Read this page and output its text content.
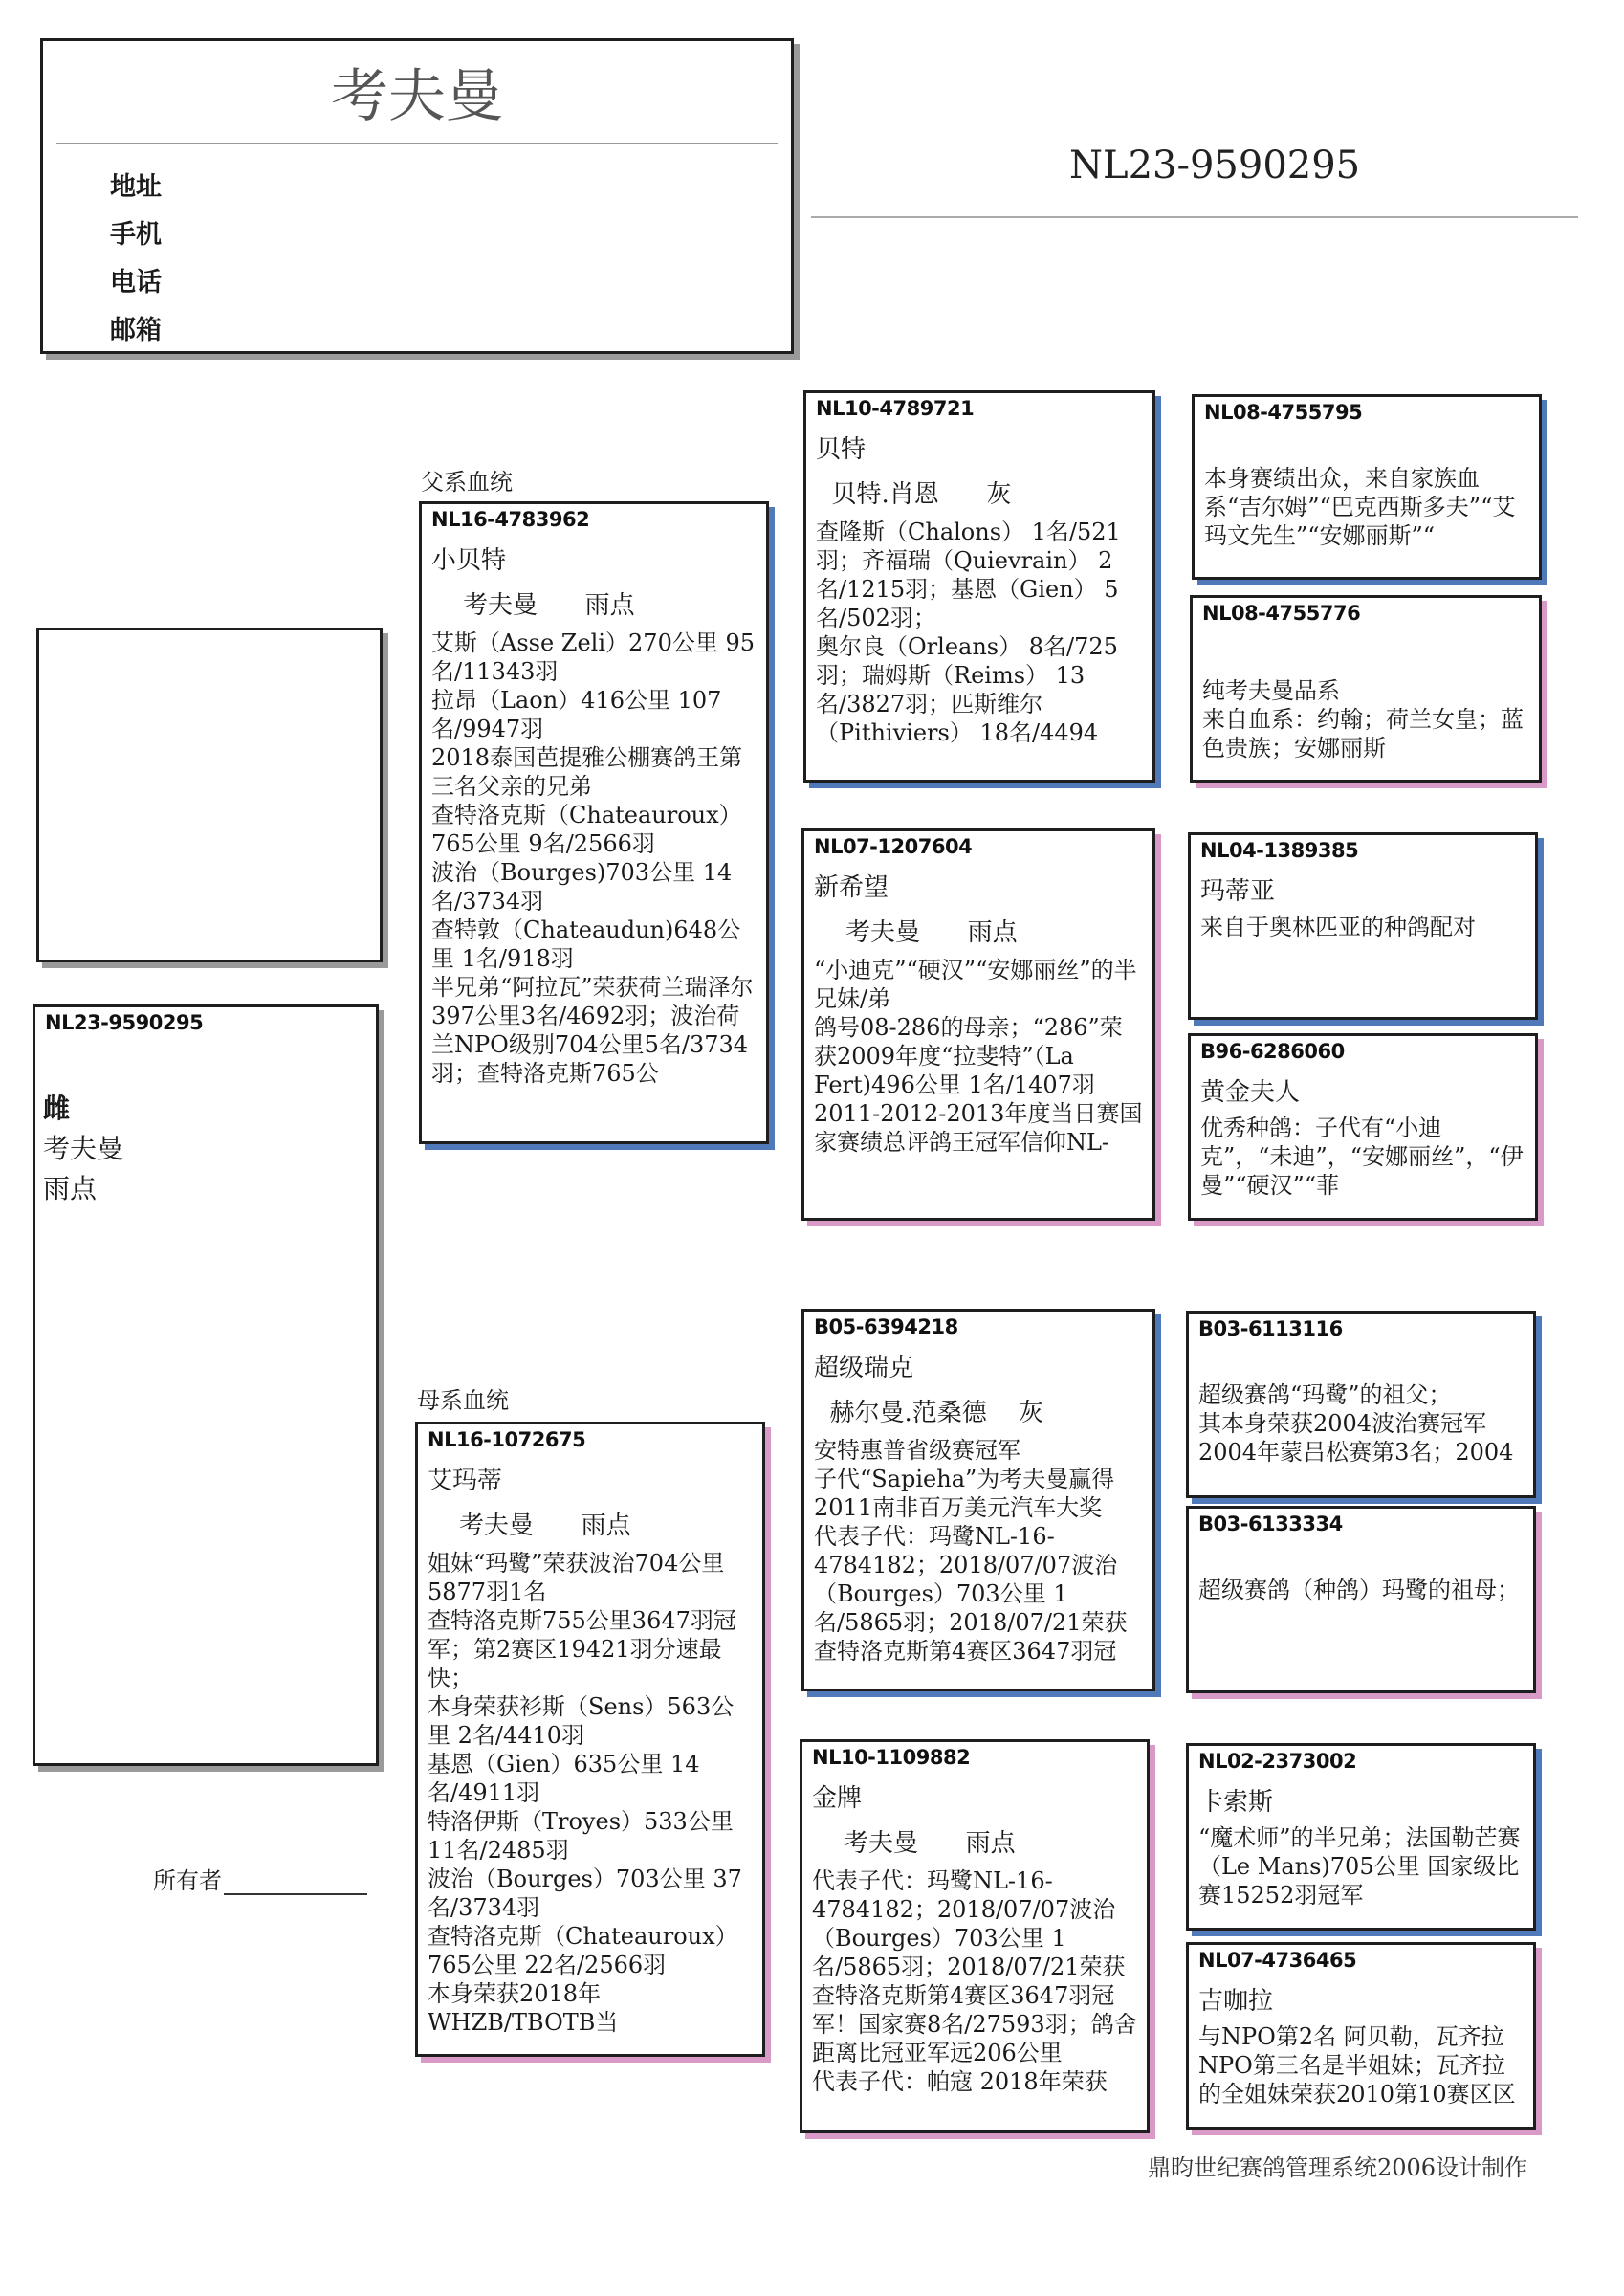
考夫曼
地址
手机
电话
邮箱
NL23-9590295
NL23-9590295
雌
考夫曼
雨点
父系血统
母系血统
所有者
NL16-4783962
小贝特
考夫曼      雨点
艾斯（Asse Zeli）270公里 95名/11343羽
拉昂（Laon）416公里 107名/9947羽
2018泰国芭提雅公棚赛鸽王第三名父亲的兄弟
查特洛克斯（Chateauroux）765公里 9名/2566羽
波治（Bourges)703公里 14名/3734羽
查特敦（Chateaudun)648公里 1名/918羽
半兄弟“阿拉瓦”荣获荷兰瑞泽尔397公里3名/4692羽；波治荷兰NPO级别704公里5名/3734羽；查特洛克斯765公
NL16-1072675
艾玛蒂
考夫曼      雨点
姐妹“玛鹭”荣获波治704公里5877羽1名
查特洛克斯755公里3647羽冠军；第2赛区19421羽分速最快；
本身荣获衫斯（Sens）563公里 2名/4410羽
基恩（Gien）635公里 14名/4911羽
特洛伊斯（Troyes）533公里 11名/2485羽
波治（Bourges）703公里 37名/3734羽
查特洛克斯（Chateauroux）765公里 22名/2566羽
本身荣获2018年WHZB/TBOTB当
NL10-4789721
贝特
贝特.肖恩      灰
查隆斯（Chalons） 1名/521羽；齐福瑞（Quievrain） 2名/1215羽；基恩（Gien） 5名/502羽；
奥尔良（Orleans） 8名/725羽；瑞姆斯（Reims） 13名/3827羽；匹斯维尔（Pithiviers） 18名/4494
NL07-1207604
新希望
考夫曼      雨点
“小迪克”“硬汉”“安娜丽丝”的半兄妹/弟
鸽号08-286的母亲；“286”荣获2009年度“拉斐特”（La Fert)496公里 1名/1407羽
2011-2012-2013年度当日赛国家赛绩总评鸽王冠军信仰NL-
B05-6394218
超级瑞克
赫尔曼.范桑德    灰
安特惠普省级赛冠军
子代“Sapieha”为考夫曼赢得2011南非百万美元汽车大奖
代表子代：玛鹭NL-16-4784182；2018/07/07波治（Bourges）703公里 1名/5865羽；2018/07/21荣获查特洛克斯第4赛区3647羽冠
NL10-1109882
金牌
考夫曼      雨点
代表子代：玛鹭NL-16-4784182；2018/07/07波治（Bourges）703公里 1名/5865羽；2018/07/21荣获查特洛克斯第4赛区3647羽冠军！国家赛8名/27593羽；鸽舍距离比冠亚军远206公里
代表子代：帕寇 2018年荣获
NL08-4755795
本身赛绩出众，来自家族血系“吉尔姆”“巴克西斯多夫”“艾玛文先生”“安娜丽斯”“
NL08-4755776
纯考夫曼品系
来自血系：约翰；荷兰女皇；蓝色贵族；安娜丽斯
NL04-1389385
玛蒂亚
来自于奥林匹亚的种鸽配对
B96-6286060
黄金夫人
优秀种鸽：子代有“小迪克”，“未迪”，“安娜丽丝”，“伊曼”“硬汉”“菲
B03-6113116
超级赛鸽“玛鹭”的祖父；
其本身荣获2004波治赛冠军
2004年蒙吕松赛第3名；2004
B03-6133334
超级赛鸽（种鸽）玛鹭的祖母；
NL02-2373002
卡索斯
“魔术师”的半兄弟；法国勒芒赛（Le Mans)705公里 国家级比赛15252羽冠军
NL07-4736465
吉咖拉
与NPO第2名 阿贝勒，瓦齐拉NPO第三名是半姐妹；瓦齐拉的全姐妹荣获2010第10赛区区
鼎昀世纪赛鸽管理系统2006设计制作
